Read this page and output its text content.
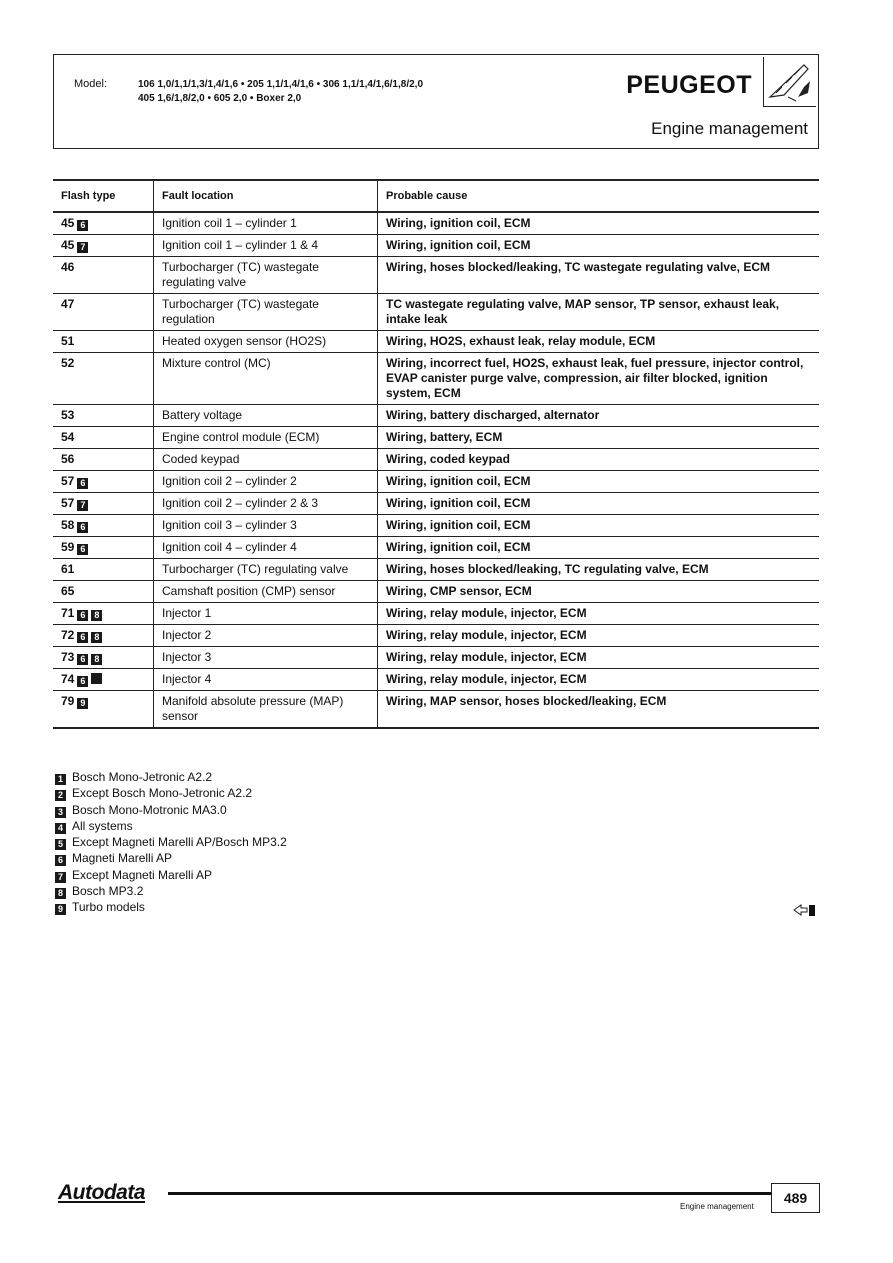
Model:	106 1,0/1,1/1,3/1,4/1,6 • 205 1,1/1,4/1,6 • 306 1,1/1,4/1,6/1,8/2,0
405 1,6/1,8/2,0 • 605 2,0 • Boxer 2,0	PEUGEOT
Engine management
Flash type	Fault location	Probable cause
45 6	Ignition coil 1 – cylinder 1	Wiring, ignition coil, ECM
45 7	Ignition coil 1 – cylinder 1 & 4	Wiring, ignition coil, ECM
46	Turbocharger (TC) wastegate regulating valve	Wiring, hoses blocked/leaking, TC wastegate regulating valve, ECM
47	Turbocharger (TC) wastegate regulation	TC wastegate regulating valve, MAP sensor, TP sensor, exhaust leak, intake leak
51	Heated oxygen sensor (HO2S)	Wiring, HO2S, exhaust leak, relay module, ECM
52	Mixture control (MC)	Wiring, incorrect fuel, HO2S, exhaust leak, fuel pressure, injector control, EVAP canister purge valve, compression, air filter blocked, ignition system, ECM
53	Battery voltage	Wiring, battery discharged, alternator
54	Engine control module (ECM)	Wiring, battery, ECM
56	Coded keypad	Wiring, coded keypad
57 6	Ignition coil 2 – cylinder 2	Wiring, ignition coil, ECM
57 7	Ignition coil 2 – cylinder 2 & 3	Wiring, ignition coil, ECM
58 6	Ignition coil 3 – cylinder 3	Wiring, ignition coil, ECM
59 6	Ignition coil 4 – cylinder 4	Wiring, ignition coil, ECM
61	Turbocharger (TC) regulating valve	Wiring, hoses blocked/leaking, TC regulating valve, ECM
65	Camshaft position (CMP) sensor	Wiring, CMP sensor, ECM
71 6 8	Injector 1	Wiring, relay module, injector, ECM
72 6 8	Injector 2	Wiring, relay module, injector, ECM
73 6 8	Injector 3	Wiring, relay module, injector, ECM
74 6	Injector 4	Wiring, relay module, injector, ECM
79 9	Manifold absolute pressure (MAP) sensor	Wiring, MAP sensor, hoses blocked/leaking, ECM
1 Bosch Mono-Jetronic A2.2
2 Except Bosch Mono-Jetronic A2.2
3 Bosch Mono-Motronic MA3.0
4 All systems
5 Except Magneti Marelli AP/Bosch MP3.2
6 Magneti Marelli AP
7 Except Magneti Marelli AP
8 Bosch MP3.2
9 Turbo models
Autodata
Engine management
489
